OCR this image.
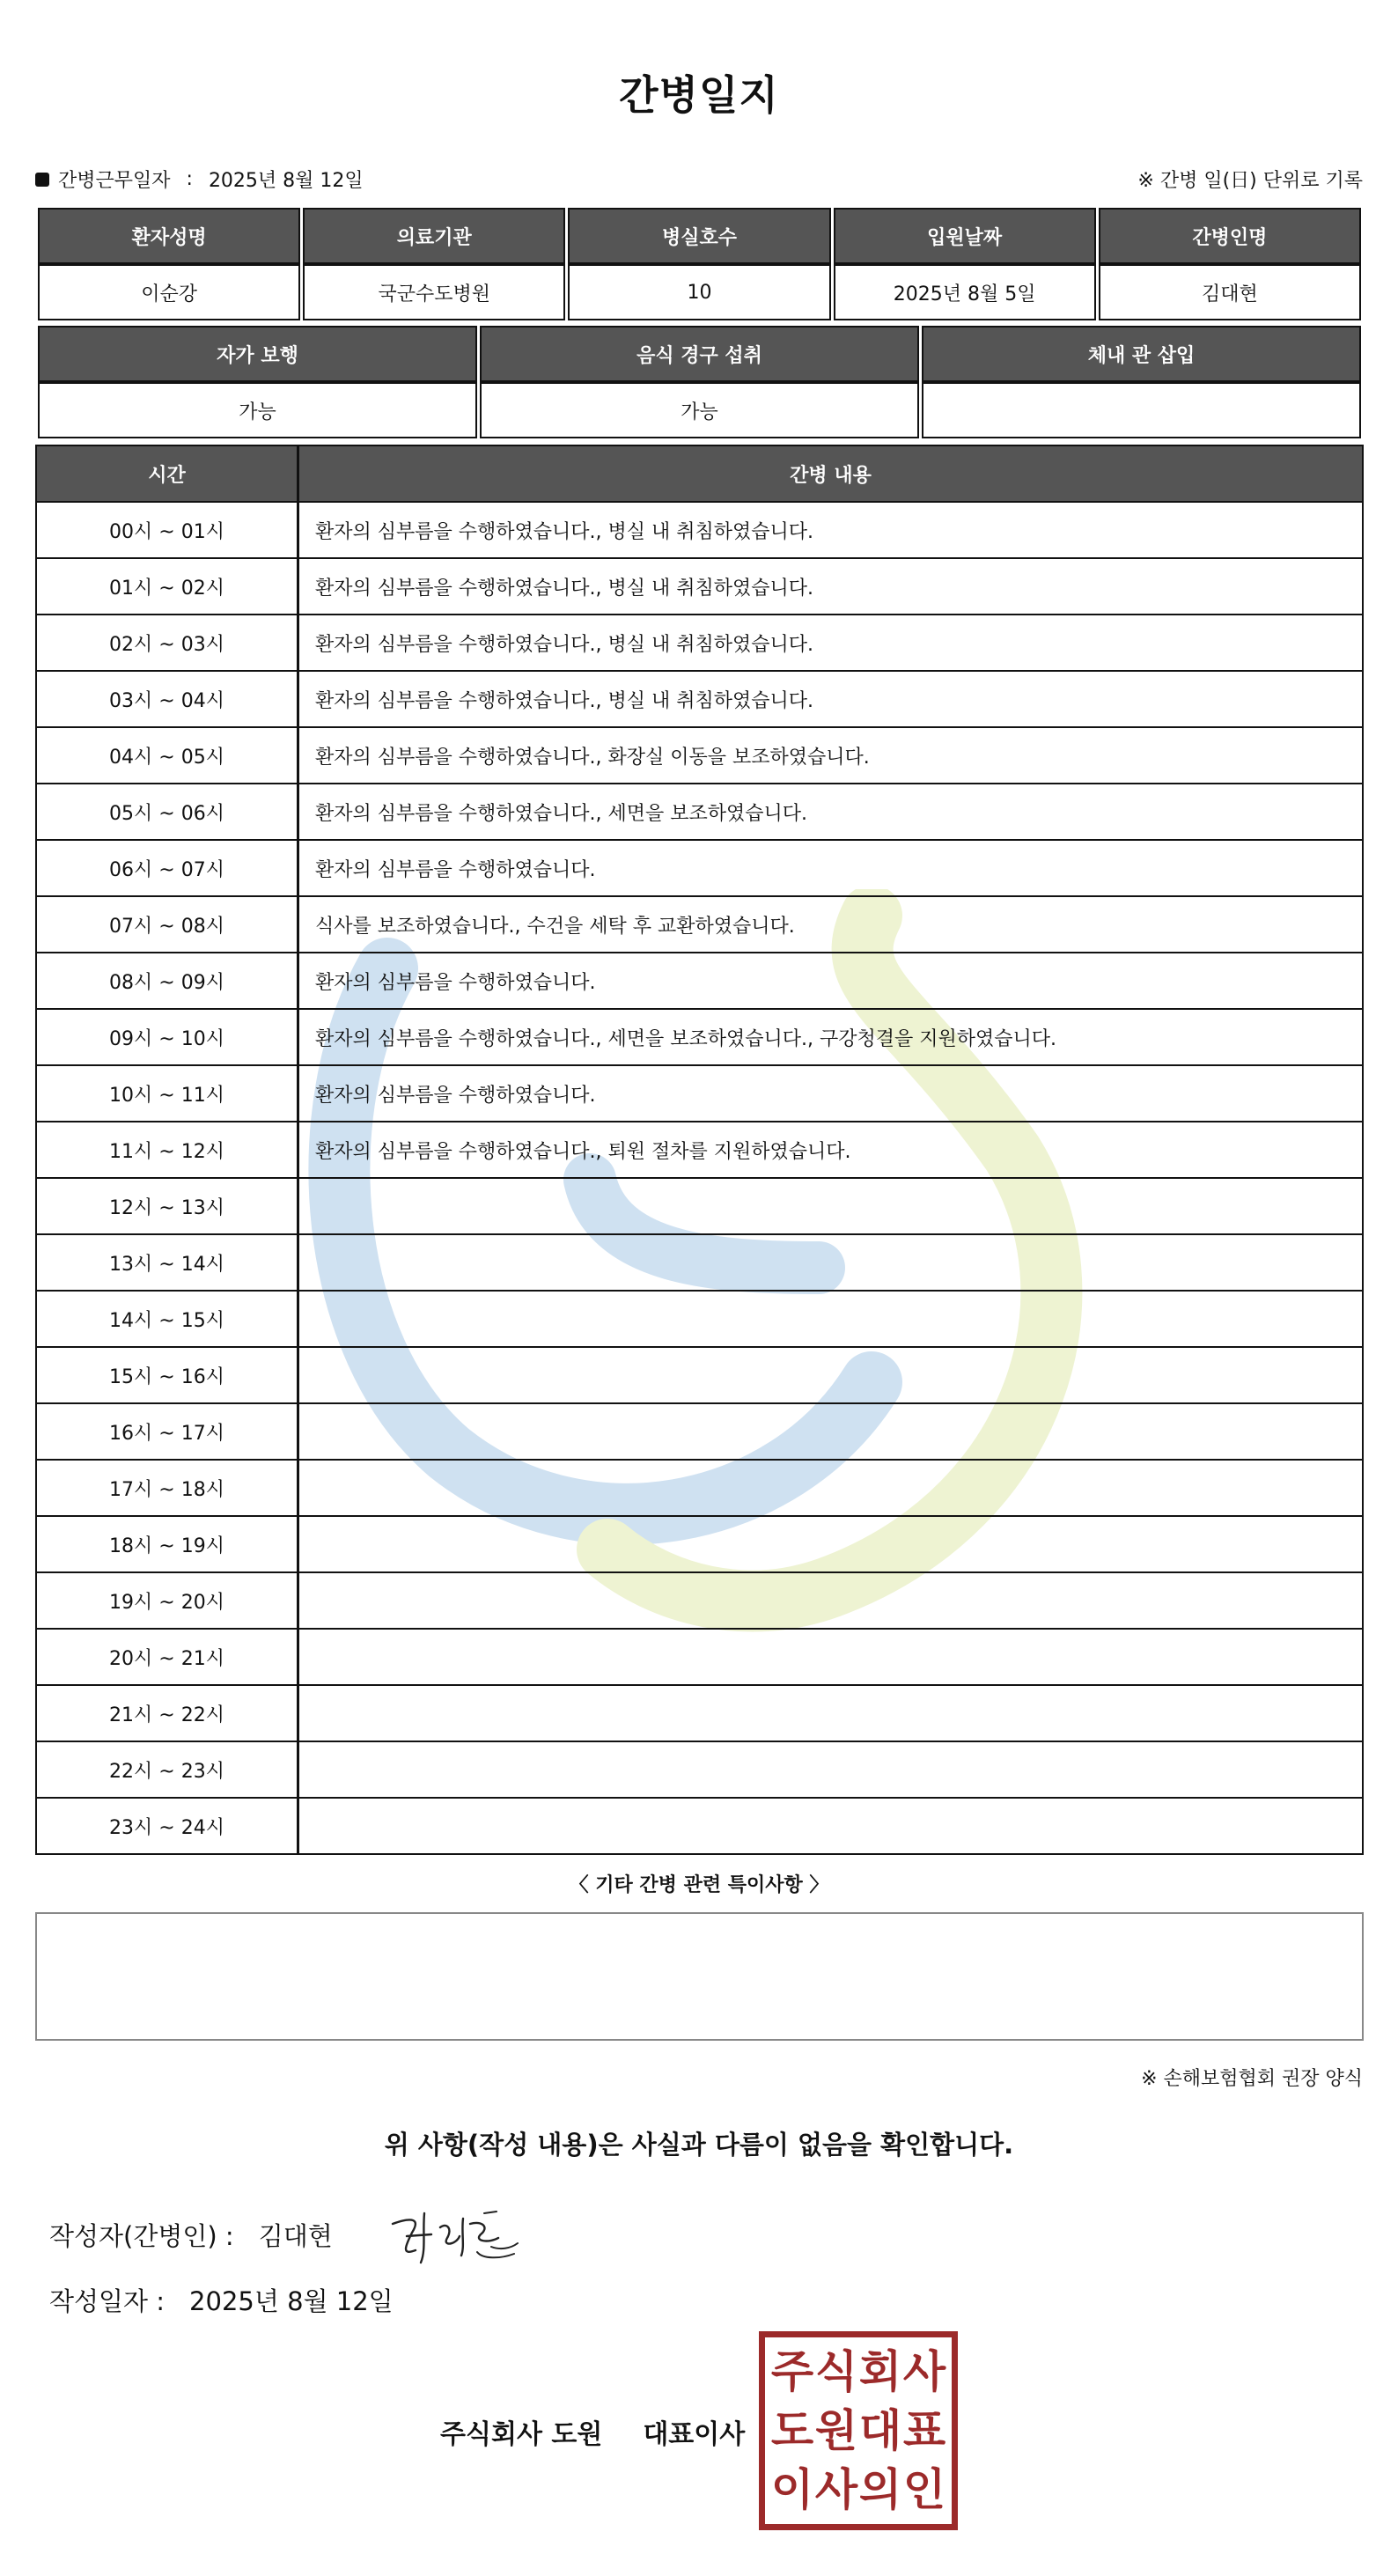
간병일지
간병근무일자 : 2025년 8월 12일	※ 간병 일(日) 단위로 기록
환자성명	의료기관	병실호수	입원날짜	간병인명
이순강	국군수도병원	10	2025년 8월 5일	김대현
자가 보행	음식 경구 섭취	체내 관 삽입
가능	가능	
시간	간병 내용
00시 ~ 01시	환자의 심부름을 수행하였습니다., 병실 내 취침하였습니다.
01시 ~ 02시	환자의 심부름을 수행하였습니다., 병실 내 취침하였습니다.
02시 ~ 03시	환자의 심부름을 수행하였습니다., 병실 내 취침하였습니다.
03시 ~ 04시	환자의 심부름을 수행하였습니다., 병실 내 취침하였습니다.
04시 ~ 05시	환자의 심부름을 수행하였습니다., 화장실 이동을 보조하였습니다.
05시 ~ 06시	환자의 심부름을 수행하였습니다., 세면을 보조하였습니다.
06시 ~ 07시	환자의 심부름을 수행하였습니다.
07시 ~ 08시	식사를 보조하였습니다., 수건을 세탁 후 교환하였습니다.
08시 ~ 09시	환자의 심부름을 수행하였습니다.
09시 ~ 10시	환자의 심부름을 수행하였습니다., 세면을 보조하였습니다., 구강청결을 지원하였습니다.
10시 ~ 11시	환자의 심부름을 수행하였습니다.
11시 ~ 12시	환자의 심부름을 수행하였습니다., 퇴원 절차를 지원하였습니다.
12시 ~ 13시
13시 ~ 14시
14시 ~ 15시
15시 ~ 16시
16시 ~ 17시
17시 ~ 18시
18시 ~ 19시
19시 ~ 20시
20시 ~ 21시
21시 ~ 22시
22시 ~ 23시
23시 ~ 24시
〈 기타 간병 관련 특이사항 〉
※ 손해보험협회 권장 양식
위 사항(작성 내용)은 사실과 다름이 없음을 확인합니다.
작성자(간병인) : 김대현
작성일자 : 2025년 8월 12일
주식회사 도원 대표이사
주 식 회 사
도 원 대 표
이 사 의 인
